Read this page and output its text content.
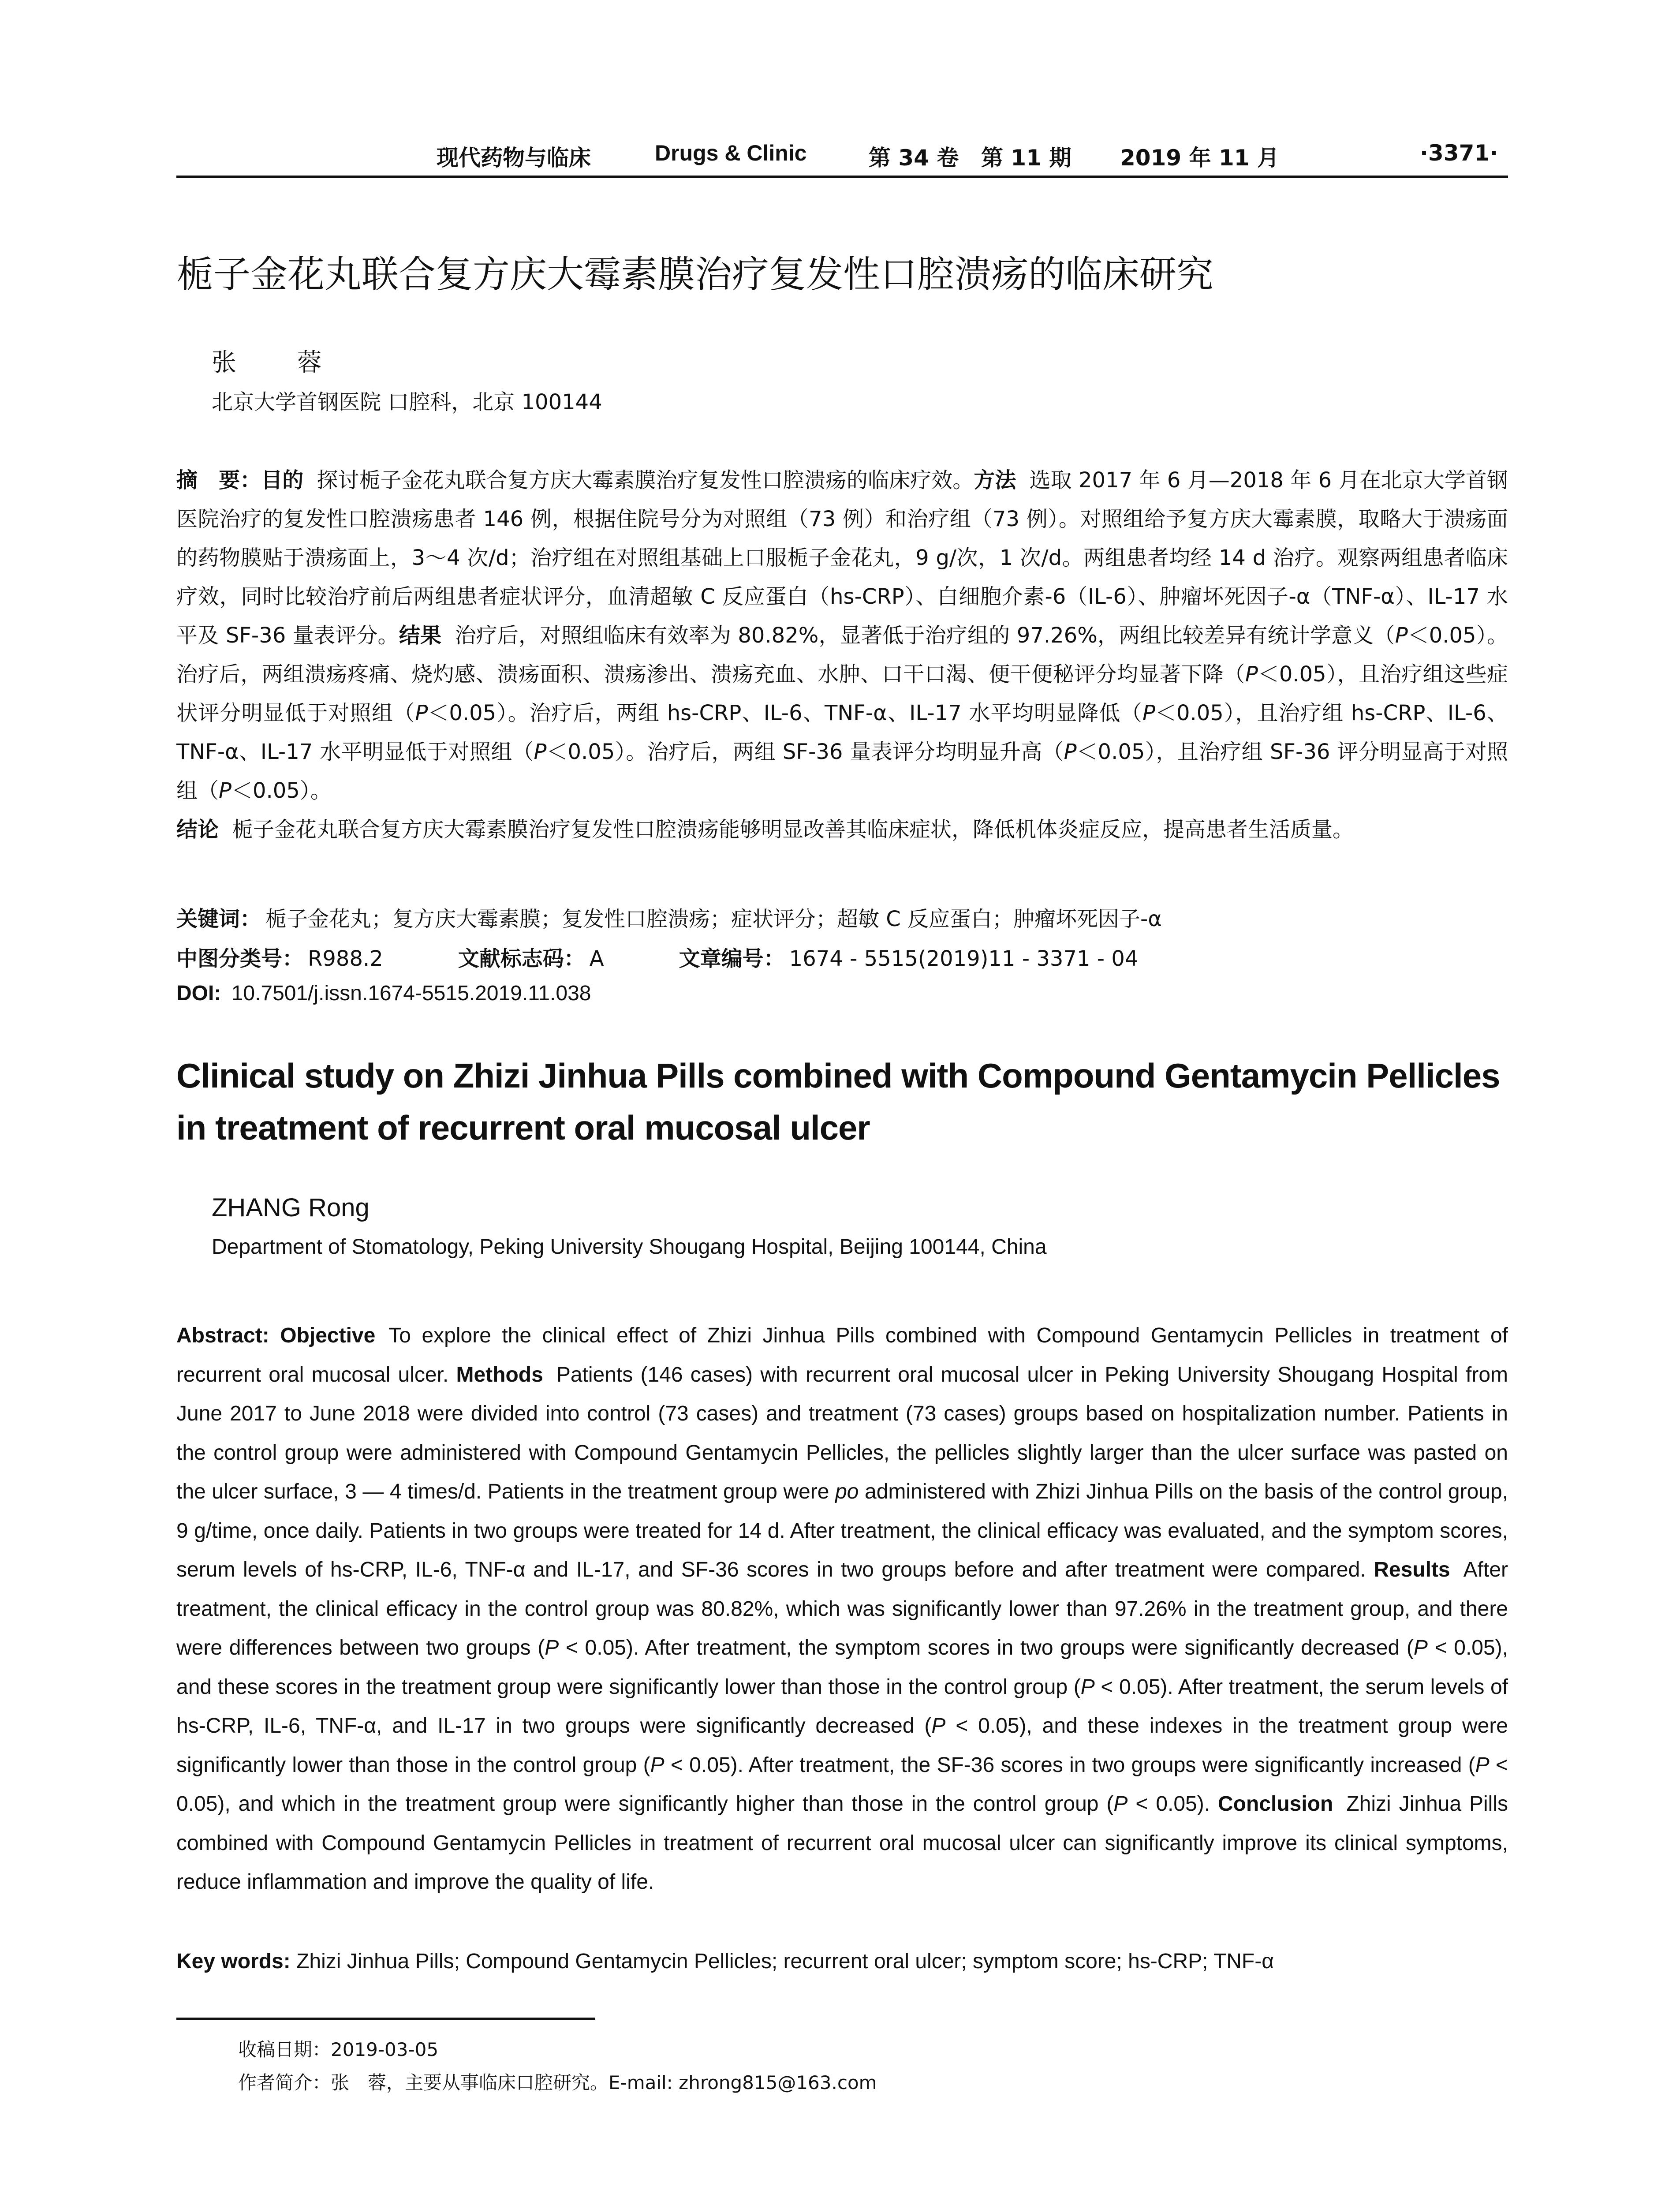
现代药物与临床	Drugs & Clinic	第 34 卷 第 11 期 2019 年 11 月	·3371·
栀子金花丸联合复方庆大霉素膜治疗复发性口腔溃疡的临床研究
张 蓉
北京大学首钢医院 口腔科，北京 100144
摘　要：目的 探讨栀子金花丸联合复方庆大霉素膜治疗复发性口腔溃疡的临床疗效。方法 选取 2017 年 6 月—2018 年 6 月在北京大学首钢医院治疗的复发性口腔溃疡患者 146 例，根据住院号分为对照组（73 例）和治疗组（73 例）。对照组给予复方庆大霉素膜，取略大于溃疡面的药物膜贴于溃疡面上，3～4 次/d；治疗组在对照组基础上口服栀子金花丸，9 g/次，1 次/d。两组患者均经 14 d 治疗。观察两组患者临床疗效，同时比较治疗前后两组患者症状评分，血清超敏 C 反应蛋白（hs-CRP）、白细胞介素-6（IL-6）、肿瘤坏死因子-α（TNF-α）、IL-17 水平及 SF-36 量表评分。结果 治疗后，对照组临床有效率为 80.82%，显著低于治疗组的 97.26%，两组比较差异有统计学意义（P＜0.05）。治疗后，两组溃疡疼痛、烧灼感、溃疡面积、溃疡渗出、溃疡充血、水肿、口干口渴、便干便秘评分均显著下降（P＜0.05），且治疗组这些症状评分明显低于对照组（P＜0.05）。治疗后，两组 hs-CRP、IL-6、TNF-α、IL-17 水平均明显降低（P＜0.05），且治疗组 hs-CRP、IL-6、TNF-α、IL-17 水平明显低于对照组（P＜0.05）。治疗后，两组 SF-36 量表评分均明显升高（P＜0.05），且治疗组 SF-36 评分明显高于对照组（P＜0.05）。
结论 栀子金花丸联合复方庆大霉素膜治疗复发性口腔溃疡能够明显改善其临床症状，降低机体炎症反应，提高患者生活质量。
关键词： 栀子金花丸；复方庆大霉素膜；复发性口腔溃疡；症状评分；超敏 C 反应蛋白；肿瘤坏死因子-α
中图分类号： R988.2	文献标志码： A	文章编号： 1674 - 5515(2019)11 - 3371 - 04
DOI: 10.7501/j.issn.1674-5515.2019.11.038
Clinical study on Zhizi Jinhua Pills combined with Compound Gentamycin Pellicles in treatment of recurrent oral mucosal ulcer
ZHANG Rong
Department of Stomatology, Peking University Shougang Hospital, Beijing 100144, China
Abstract: Objective To explore the clinical effect of Zhizi Jinhua Pills combined with Compound Gentamycin Pellicles in treatment of recurrent oral mucosal ulcer. Methods Patients (146 cases) with recurrent oral mucosal ulcer in Peking University Shougang Hospital from June 2017 to June 2018 were divided into control (73 cases) and treatment (73 cases) groups based on hospitalization number. Patients in the control group were administered with Compound Gentamycin Pellicles, the pellicles slightly larger than the ulcer surface was pasted on the ulcer surface, 3 — 4 times/d. Patients in the treatment group were po administered with Zhizi Jinhua Pills on the basis of the control group, 9 g/time, once daily. Patients in two groups were treated for 14 d. After treatment, the clinical efficacy was evaluated, and the symptom scores, serum levels of hs-CRP, IL-6, TNF-α and IL-17, and SF-36 scores in two groups before and after treatment were compared. Results After treatment, the clinical efficacy in the control group was 80.82%, which was significantly lower than 97.26% in the treatment group, and there were differences between two groups (P < 0.05). After treatment, the symptom scores in two groups were significantly decreased (P < 0.05), and these scores in the treatment group were significantly lower than those in the control group (P < 0.05). After treatment, the serum levels of hs-CRP, IL-6, TNF-α, and IL-17 in two groups were significantly decreased (P < 0.05), and these indexes in the treatment group were significantly lower than those in the control group (P < 0.05). After treatment, the SF-36 scores in two groups were significantly increased (P < 0.05), and which in the treatment group were significantly higher than those in the control group (P < 0.05). Conclusion Zhizi Jinhua Pills combined with Compound Gentamycin Pellicles in treatment of recurrent oral mucosal ulcer can significantly improve its clinical symptoms, reduce inflammation and improve the quality of life.
Key words: Zhizi Jinhua Pills; Compound Gentamycin Pellicles; recurrent oral ulcer; symptom score; hs-CRP; TNF-α
收稿日期：2019-03-05
作者简介：张　蓉，主要从事临床口腔研究。E-mail: zhrong815@163.com
